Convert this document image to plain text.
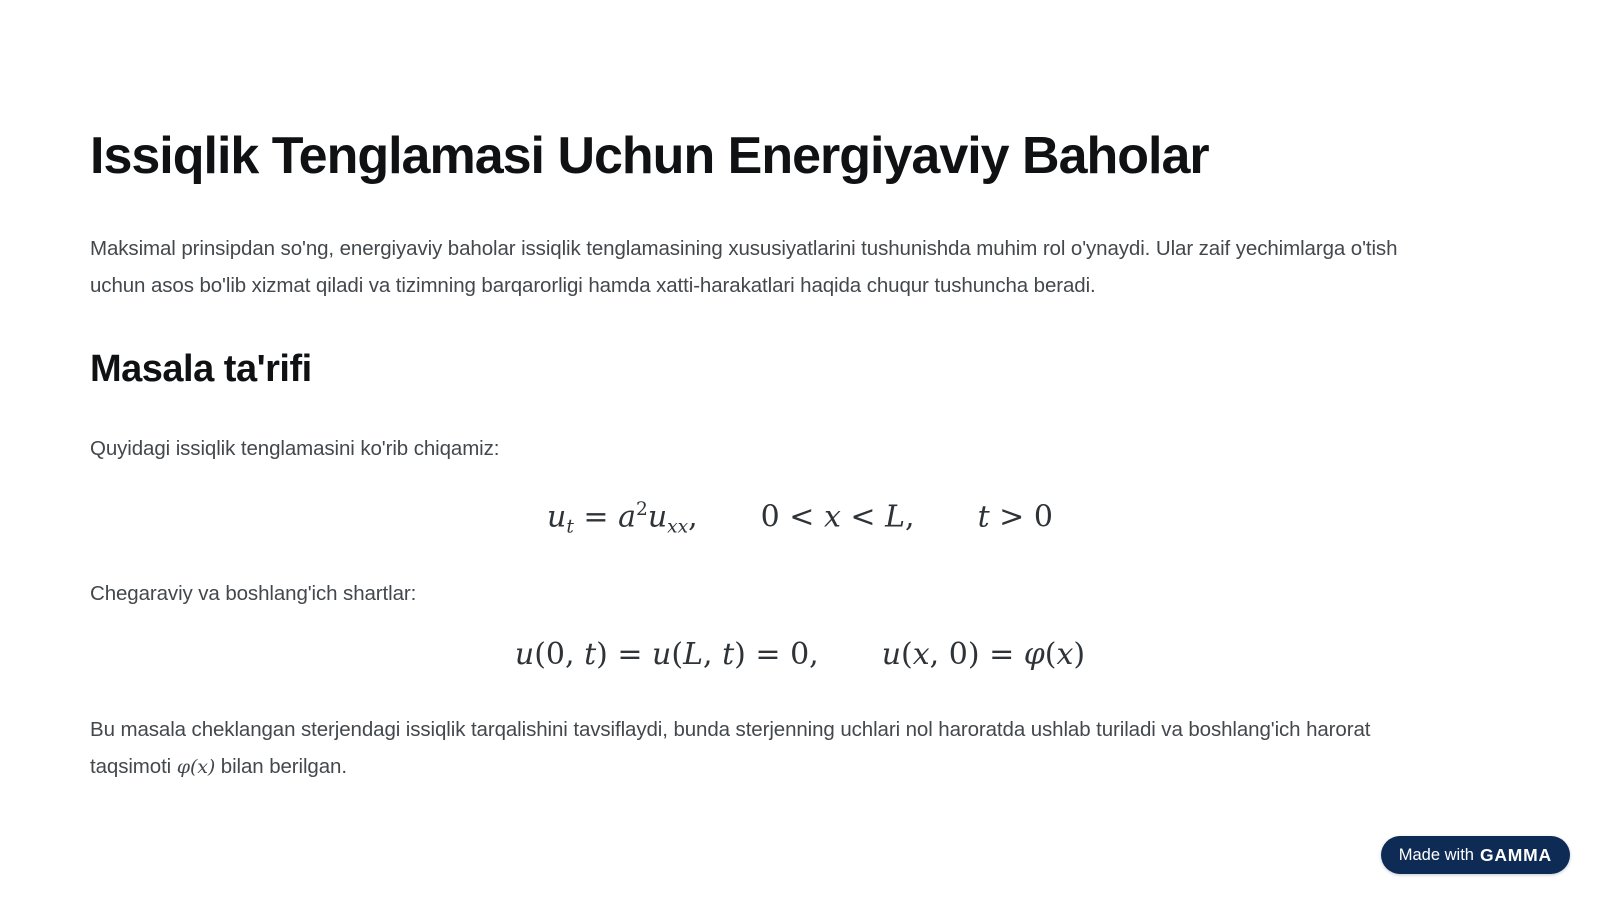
Issiqlik Tenglamasi Uchun Energiyaviy Baholar

Maksimal prinsipdan so'ng, energiyaviy baholar issiqlik tenglamasining xususiyatlarini tushunishda muhim rol o'ynaydi. Ular zaif yechimlarga o'tish
uchun asos bo'lib xizmat qiladi va tizimning barqarorligi hamda xatti-harakatlari haqida chuqur tushuncha beradi.

Masala ta'rifi

Quyidagi issiqlik tenglamasini ko'rib chiqamiz:

ut = $a^2uxx$, 0 < x < L, t > 0

Chegaraviy va boshlang'ich shartlar:

u(0, t) = u(L, t) = 0, u(x, 0) = φ(x)

Bu masala cheklangan sterjendagi issiqlik tarqalishini tavsiflaydi, bunda sterjenning uchlari nol haroratda ushlab turiladi va boshlang'ich harorat
taqsimoti φ(x) bilan berilgan.

Made with GAMMA
